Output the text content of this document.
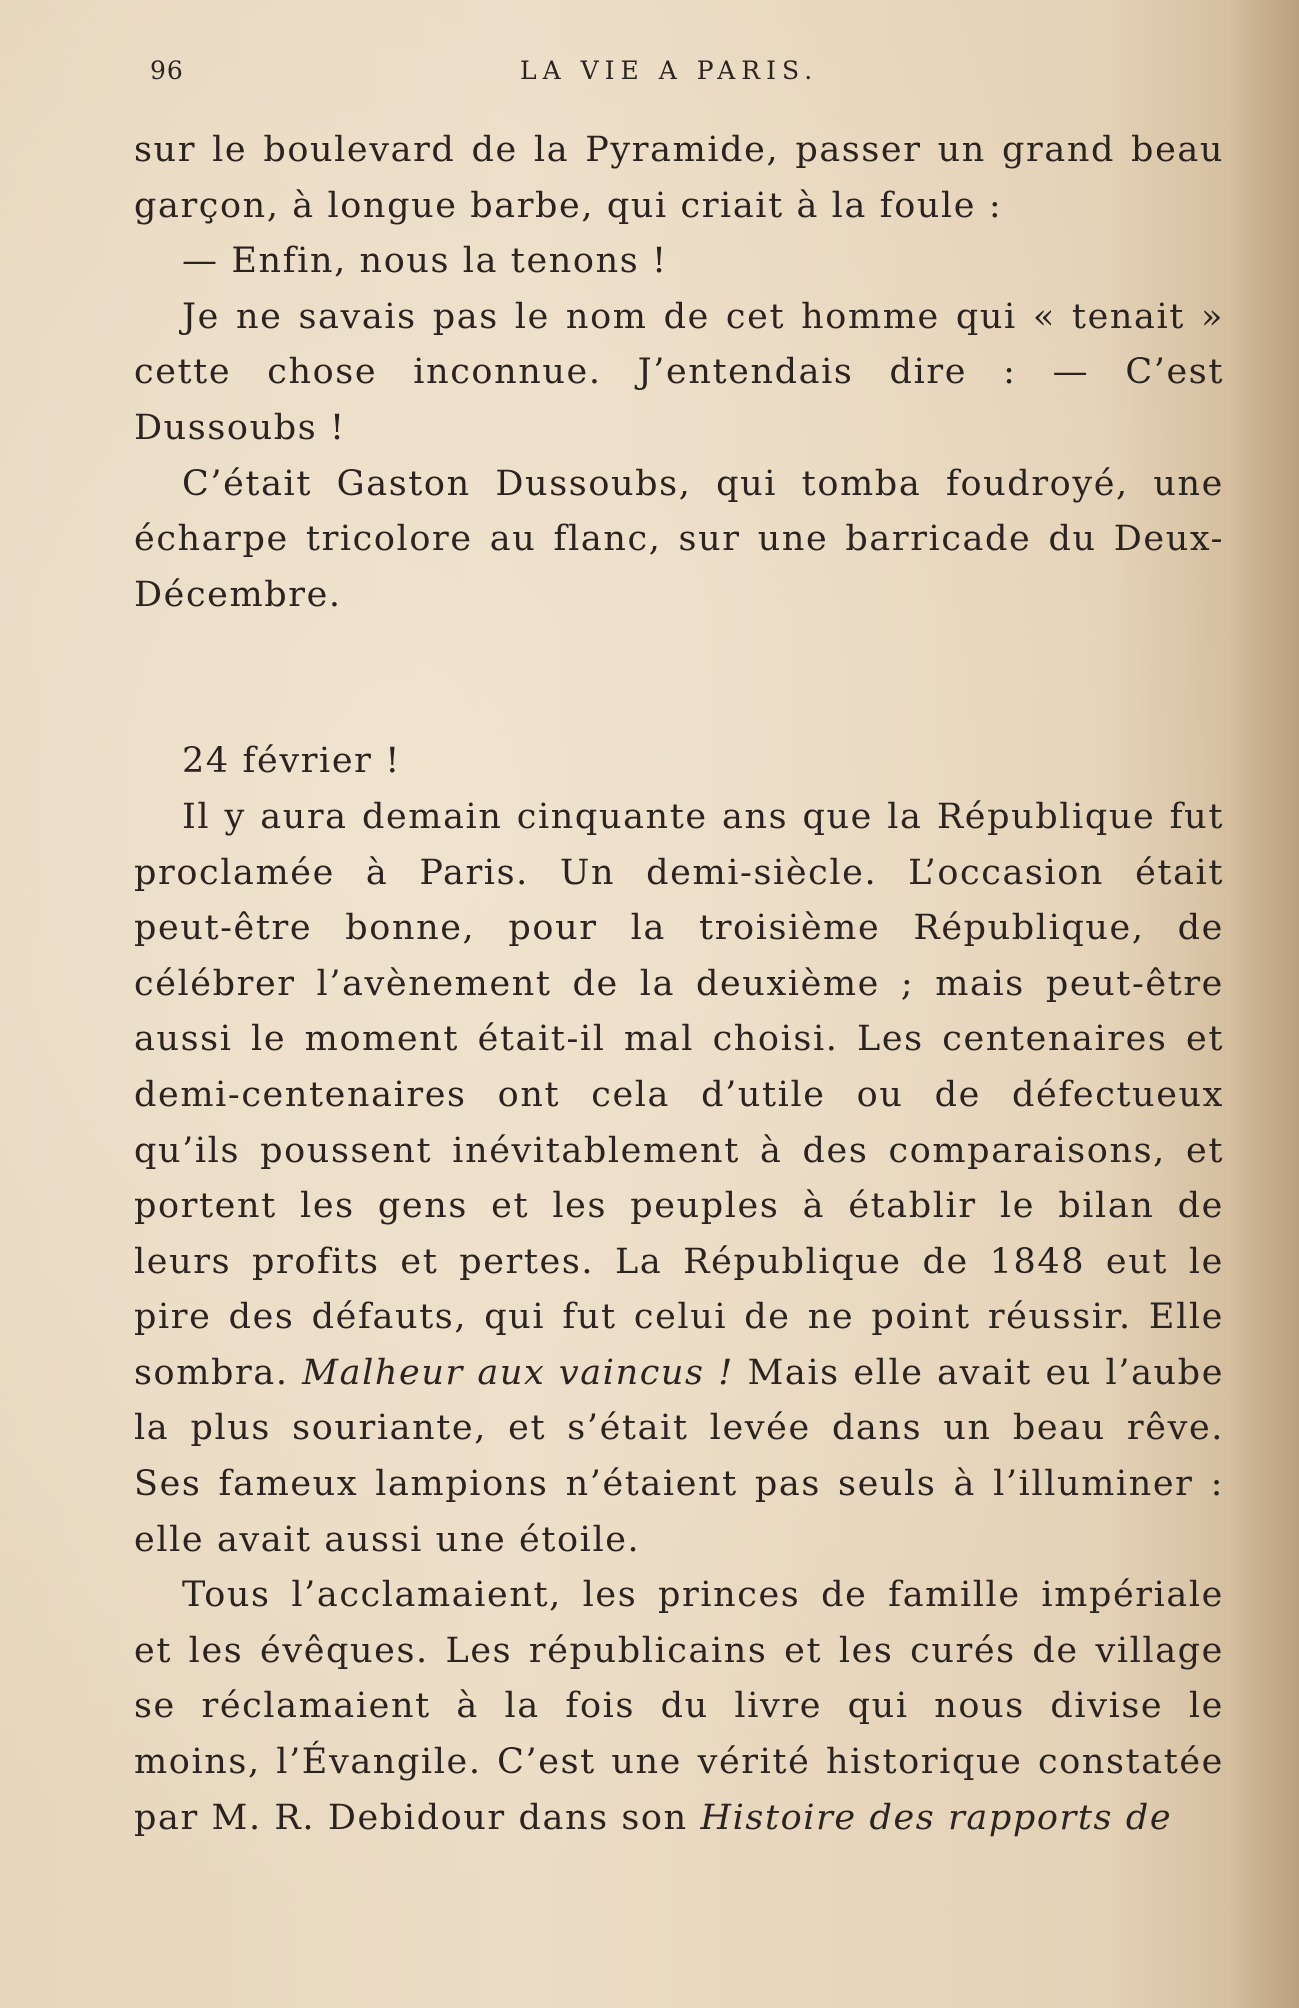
96	LA VIE A PARIS.

sur le boulevard de la Pyramide, passer un grand beau garçon, à longue barbe, qui criait à la foule :

— Enfin, nous la tenons !

Je ne savais pas le nom de cet homme qui « tenait » cette chose inconnue. J’entendais dire : — C’est Dussoubs !

C’était Gaston Dussoubs, qui tomba foudroyé, une écharpe tricolore au flanc, sur une barricade du Deux-Décembre.

24 février !

Il y aura demain cinquante ans que la République fut proclamée à Paris. Un demi-siècle. L’occasion était peut-être bonne, pour la troisième République, de célébrer l’avènement de la deuxième ; mais peut-être aussi le moment était-il mal choisi. Les centenaires et demi-centenaires ont cela d’utile ou de défectueux qu’ils poussent inévitablement à des comparaisons, et portent les gens et les peuples à établir le bilan de leurs profits et pertes. La République de 1848 eut le pire des défauts, qui fut celui de ne point réussir. Elle sombra. Malheur aux vaincus ! Mais elle avait eu l’aube la plus souriante, et s’était levée dans un beau rêve. Ses fameux lampions n’étaient pas seuls à l’illuminer : elle avait aussi une étoile.

Tous l’acclamaient, les princes de famille impériale et les évêques. Les républicains et les curés de village se réclamaient à la fois du livre qui nous divise le moins, l’Évangile. C’est une vérité historique constatée par M. R. Debidour dans son Histoire des rapports de
